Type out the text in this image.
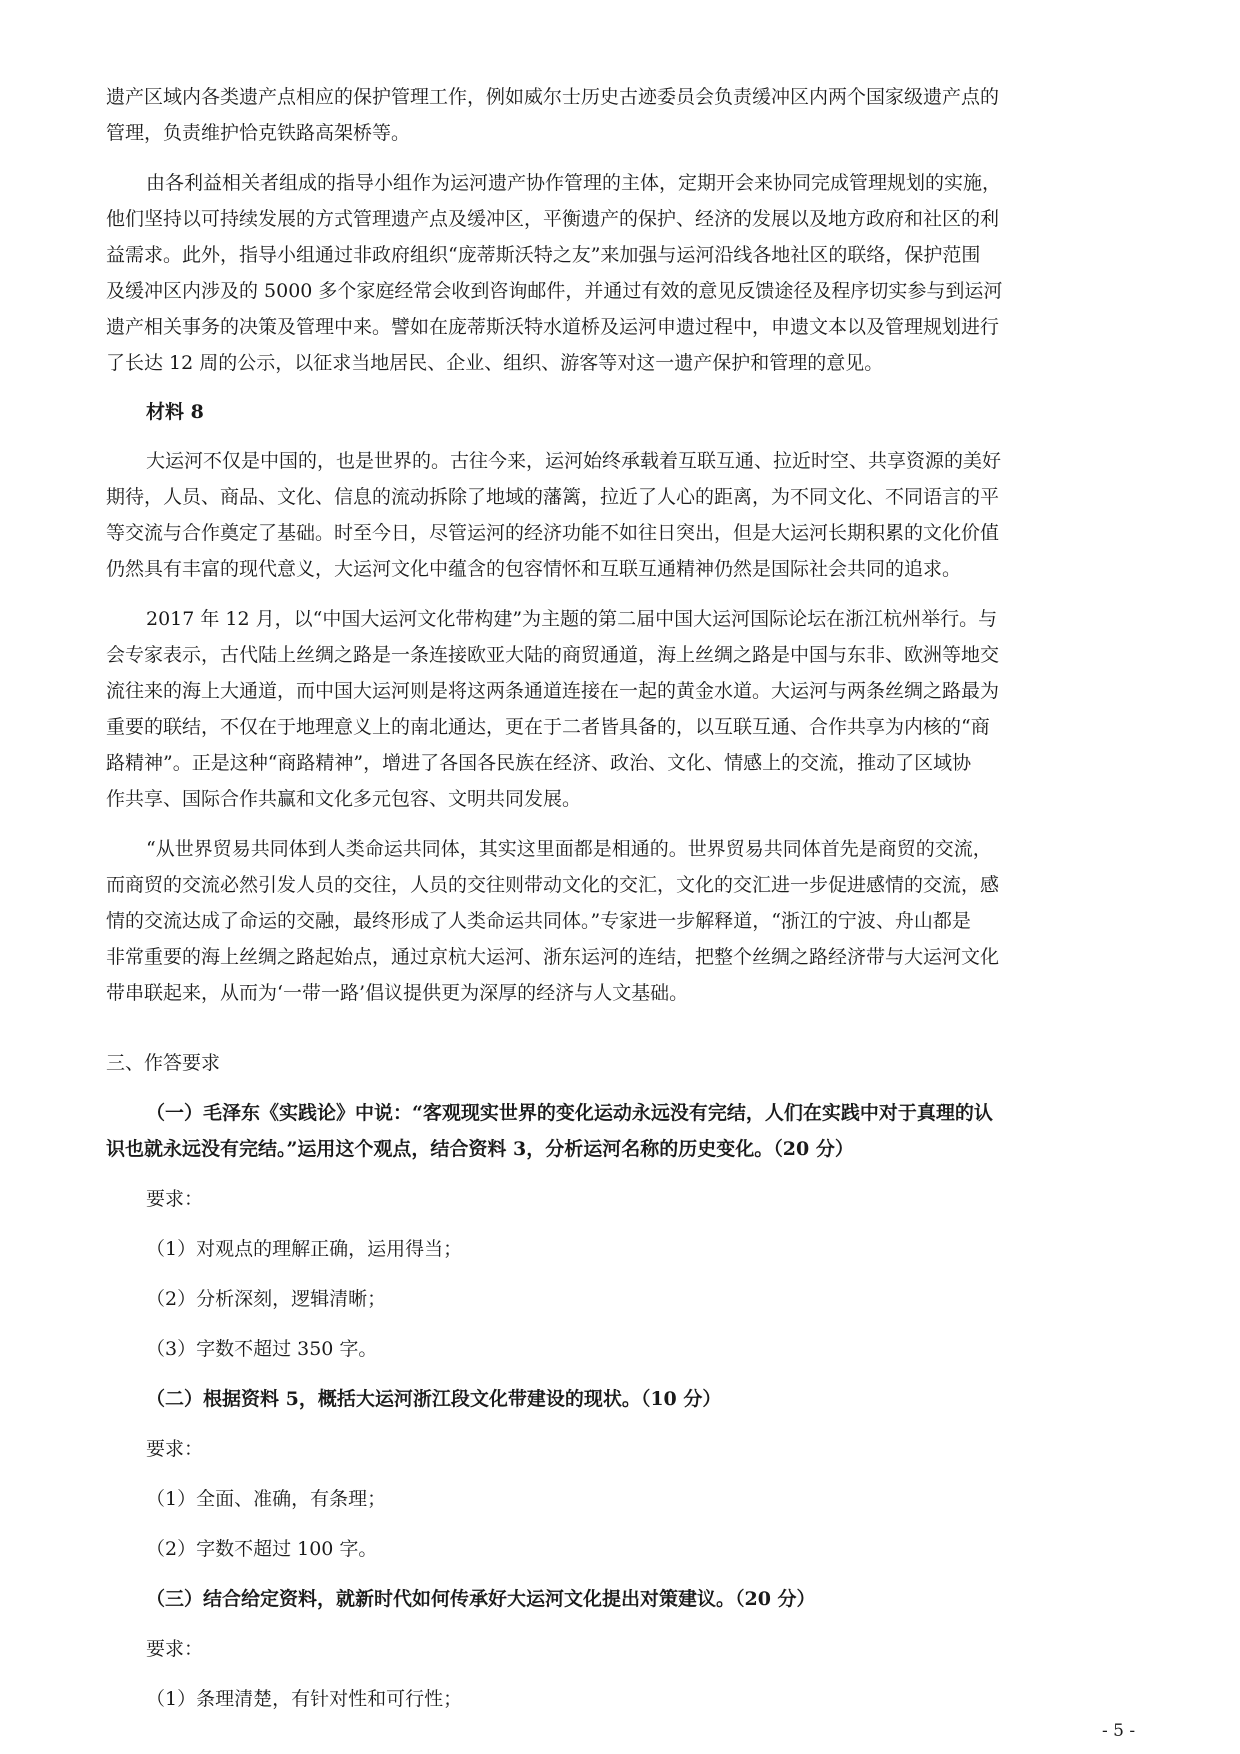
遗产区域内各类遗产点相应的保护管理工作，例如威尔士历史古迹委员会负责缓冲区内两个国家级遗产点的
管理，负责维护恰克铁路高架桥等。
由各利益相关者组成的指导小组作为运河遗产协作管理的主体，定期开会来协同完成管理规划的实施，
他们坚持以可持续发展的方式管理遗产点及缓冲区，平衡遗产的保护、经济的发展以及地方政府和社区的利
益需求。此外，指导小组通过非政府组织“庞蒂斯沃特之友”来加强与运河沿线各地社区的联络，保护范围
及缓冲区内涉及的 5000 多个家庭经常会收到咨询邮件，并通过有效的意见反馈途径及程序切实参与到运河
遗产相关事务的决策及管理中来。譬如在庞蒂斯沃特水道桥及运河申遗过程中，申遗文本以及管理规划进行
了长达 12 周的公示，以征求当地居民、企业、组织、游客等对这一遗产保护和管理的意见。
材料 8
大运河不仅是中国的，也是世界的。古往今来，运河始终承载着互联互通、拉近时空、共享资源的美好
期待，人员、商品、文化、信息的流动拆除了地域的藩篱，拉近了人心的距离，为不同文化、不同语言的平
等交流与合作奠定了基础。时至今日，尽管运河的经济功能不如往日突出，但是大运河长期积累的文化价值
仍然具有丰富的现代意义，大运河文化中蕴含的包容情怀和互联互通精神仍然是国际社会共同的追求。
2017 年 12 月，以“中国大运河文化带构建”为主题的第二届中国大运河国际论坛在浙江杭州举行。与
会专家表示，古代陆上丝绸之路是一条连接欧亚大陆的商贸通道，海上丝绸之路是中国与东非、欧洲等地交
流往来的海上大通道，而中国大运河则是将这两条通道连接在一起的黄金水道。大运河与两条丝绸之路最为
重要的联结，不仅在于地理意义上的南北通达，更在于二者皆具备的，以互联互通、合作共享为内核的“商
路精神”。正是这种“商路精神”，增进了各国各民族在经济、政治、文化、情感上的交流，推动了区域协
作共享、国际合作共赢和文化多元包容、文明共同发展。
“从世界贸易共同体到人类命运共同体，其实这里面都是相通的。世界贸易共同体首先是商贸的交流，
而商贸的交流必然引发人员的交往，人员的交往则带动文化的交汇，文化的交汇进一步促进感情的交流，感
情的交流达成了命运的交融，最终形成了人类命运共同体。”专家进一步解释道，“浙江的宁波、舟山都是
非常重要的海上丝绸之路起始点，通过京杭大运河、浙东运河的连结，把整个丝绸之路经济带与大运河文化
带串联起来，从而为‘一带一路’倡议提供更为深厚的经济与人文基础。
三、作答要求
（一）毛泽东《实践论》中说：“客观现实世界的变化运动永远没有完结，人们在实践中对于真理的认
识也就永远没有完结。”运用这个观点，结合资料 3，分析运河名称的历史变化。（20 分）
要求：
（1）对观点的理解正确，运用得当；
（2）分析深刻，逻辑清晰；
（3）字数不超过 350 字。
（二）根据资料 5，概括大运河浙江段文化带建设的现状。（10 分）
要求：
（1）全面、准确，有条理；
（2）字数不超过 100 字。
（三）结合给定资料，就新时代如何传承好大运河文化提出对策建议。（20 分）
要求：
（1）条理清楚，有针对性和可行性；
- 5 -
